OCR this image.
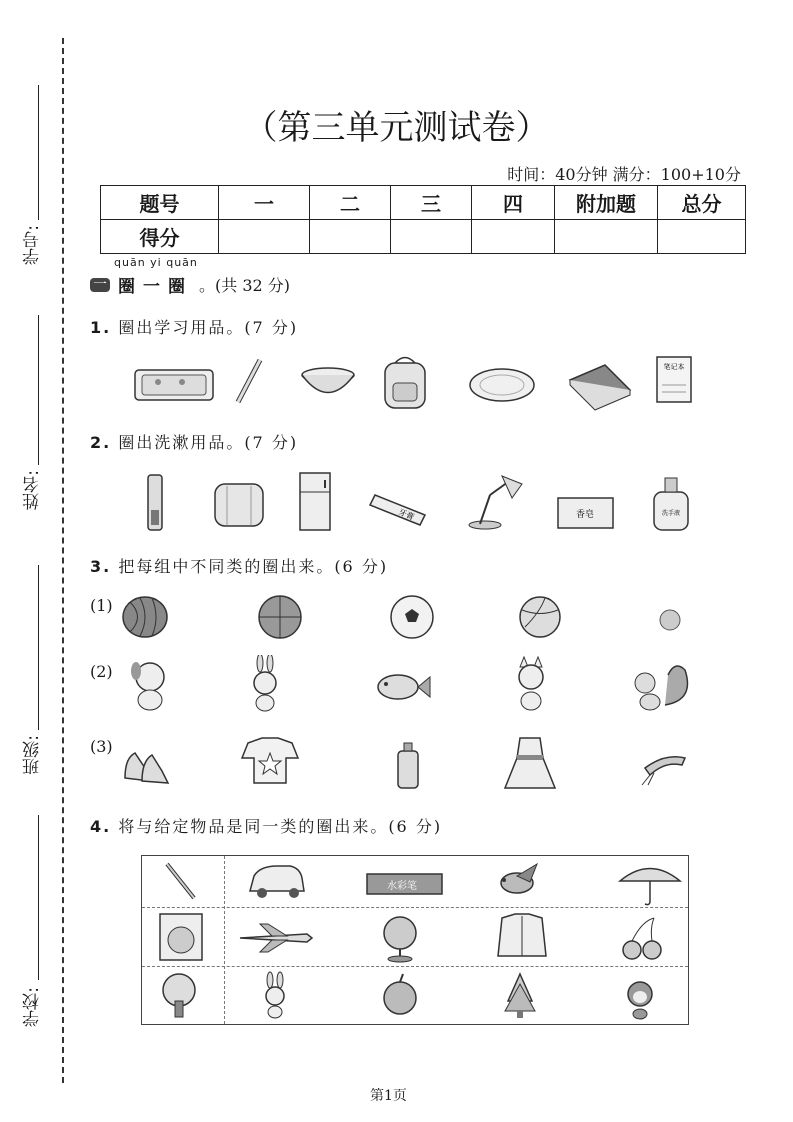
学号:
姓名:
班级:
学校:
（第三单元测试卷）
时间：40分钟 满分：100+10分
题号	一	二	三	四	附加题	总分
得分						
quān yi quān
一 圈一圈 。(共 32 分)
1. 圈出学习用品。(7 分)
笔记本
2. 圈出洗漱用品。(7 分)
牙膏	香皂	洗手液
3. 把每组中不同类的圈出来。(6 分)
(1)
(2)
(3)
4. 将与给定物品是同一类的圈出来。(6 分)
水彩笔
第1页
